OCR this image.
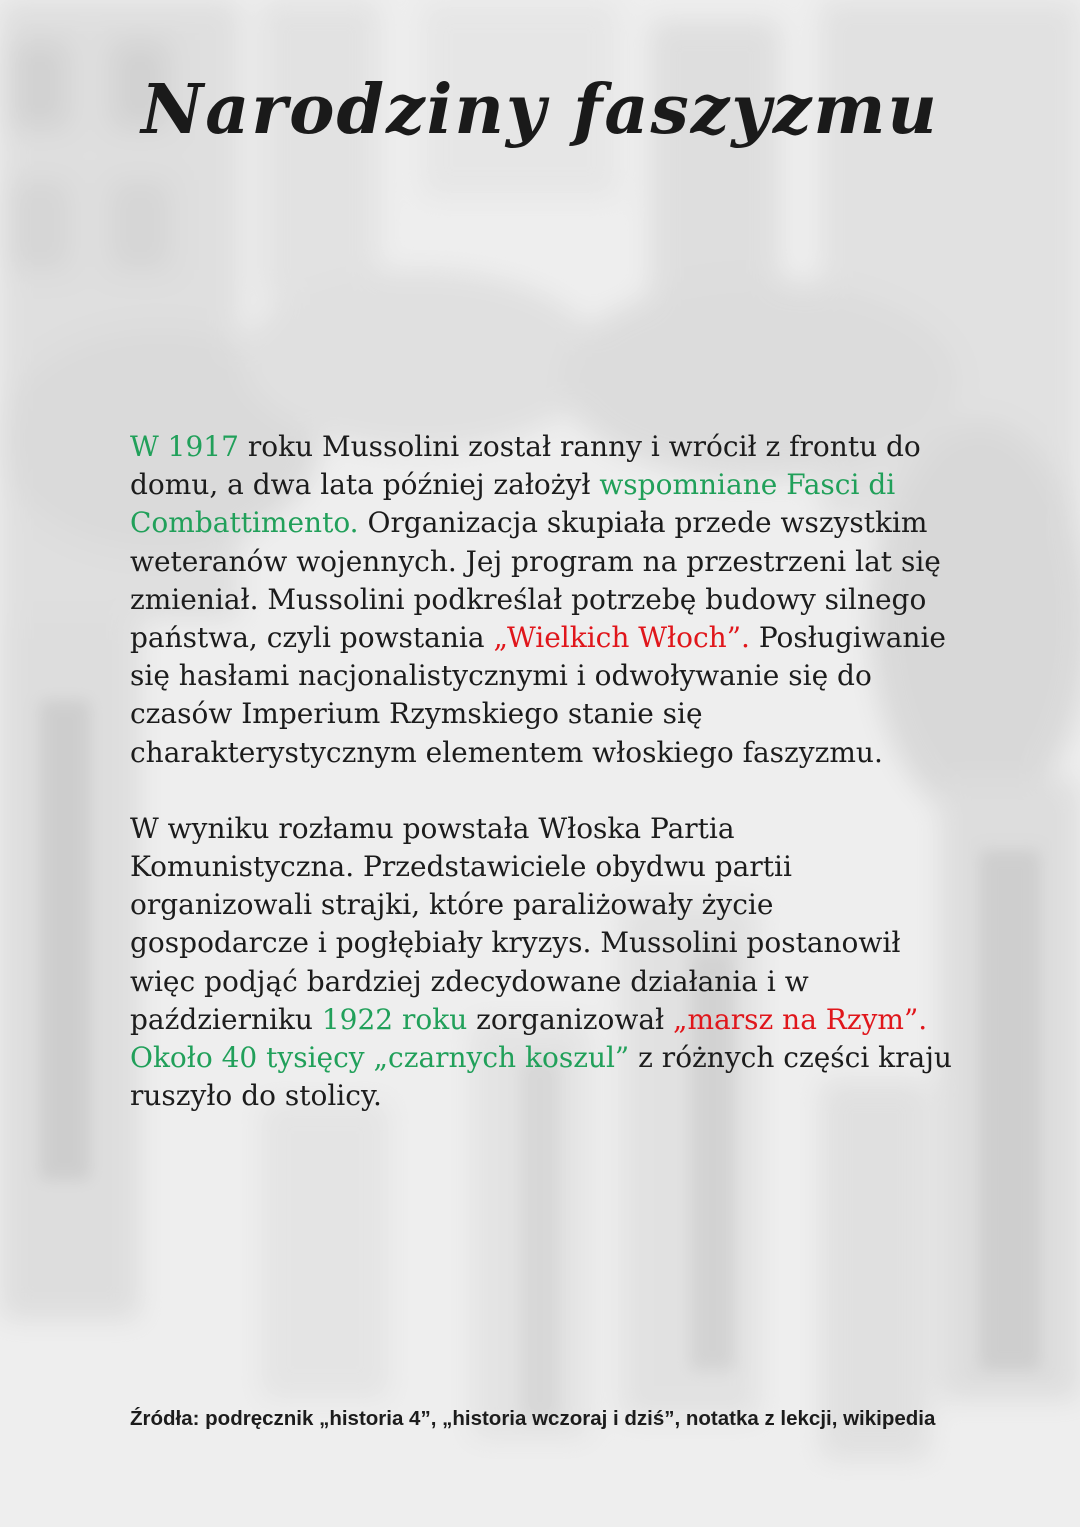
Narodziny faszyzmu

W 1917 roku Mussolini został ranny i wrócił z frontu do domu, a dwa lata później założył wspomniane Fasci di Combattimento. Organizacja skupiała przede wszystkim weteranów wojennych. Jej program na przestrzeni lat się zmieniał. Mussolini podkreślał potrzebę budowy silnego państwa, czyli powstania „Wielkich Włoch”. Posługiwanie się hasłami nacjonalistycznymi i odwoływanie się do czasów Imperium Rzymskiego stanie się charakterystycznym elementem włoskiego faszyzmu.

W wyniku rozłamu powstała Włoska Partia Komunistyczna. Przedstawiciele obydwu partii organizowali strajki, które paraliżowały życie gospodarcze i pogłębiały kryzys. Mussolini postanowił więc podjąć bardziej zdecydowane działania i w październiku 1922 roku zorganizował „marsz na Rzym”. Około 40 tysięcy „czarnych koszul” z różnych części kraju ruszyło do stolicy.

Źródła: podręcznik „historia 4”, „historia wczoraj i dziś”, notatka z lekcji, wikipedia
